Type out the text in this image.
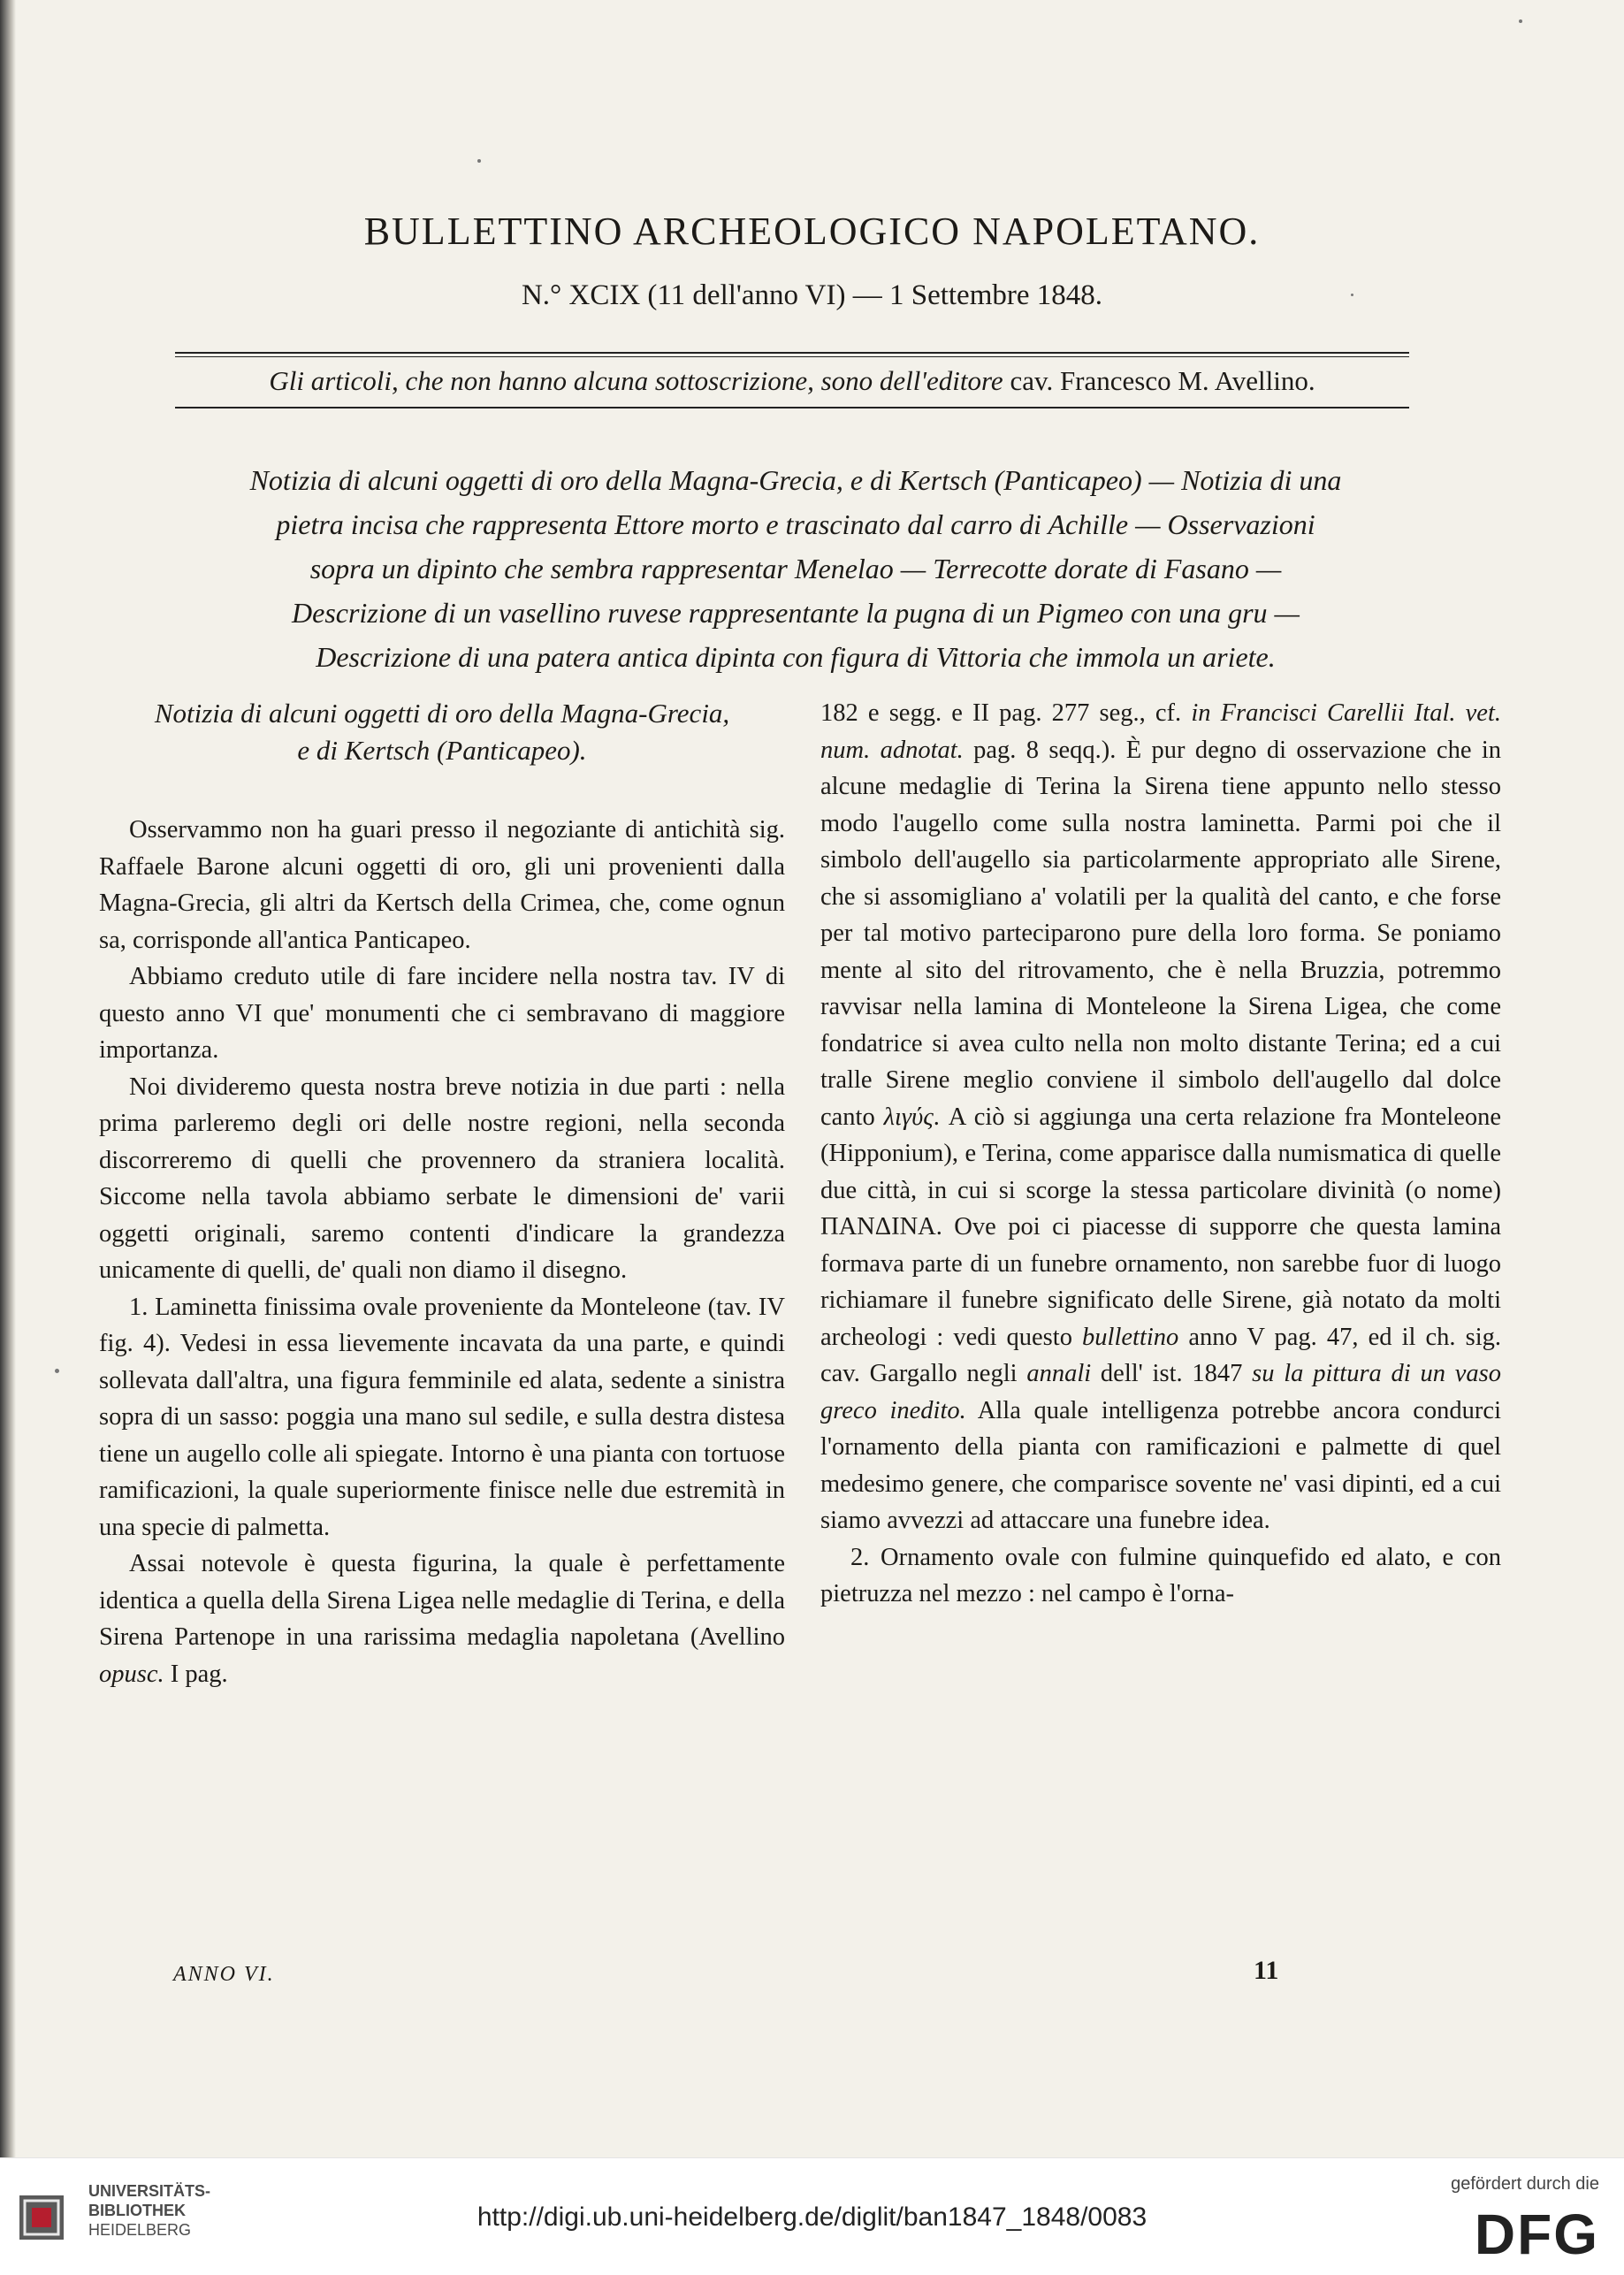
BULLETTINO ARCHEOLOGICO NAPOLETANO.
N.° XCIX (11 dell'anno VI) — 1 Settembre 1848.
Gli articoli, che non hanno alcuna sottoscrizione, sono dell'editore cav. Francesco M. Avellino.

Notizia di alcuni oggetti di oro della Magna-Grecia, e di Kertsch (Panticapeo) — Notizia di una

pietra incisa che rappresenta Ettore morto e trascinato dal carro di Achille — Osservazioni

sopra un dipinto che sembra rappresentar Menelao — Terrecotte dorate di Fasano —

Descrizione di un vasellino ruvese rappresentante la pugna di un Pigmeo con una gru —

Descrizione di una patera antica dipinta con figura di Vittoria che immola un ariete.

Notizia di alcuni oggetti di oro della Magna-Grecia,
e di Kertsch (Panticapeo).

Osservammo non ha guari presso il negoziante di antichità sig. Raffaele Barone alcuni oggetti di oro, gli uni provenienti dalla Magna-Grecia, gli altri da Kertsch della Crimea, che, come ognun sa, corrisponde all'antica Panticapeo.

Abbiamo creduto utile di fare incidere nella nostra tav. IV di questo anno VI que' monumenti che ci sembravano di maggiore importanza.

Noi divideremo questa nostra breve notizia in due parti : nella prima parleremo degli ori delle nostre regioni, nella seconda discorreremo di quelli che provennero da straniera località. Siccome nella tavola abbiamo serbate le dimensioni de' varii oggetti originali, saremo contenti d'indicare la grandezza unicamente di quelli, de' quali non diamo il disegno.

1. Laminetta finissima ovale proveniente da Monteleone (tav. IV fig. 4). Vedesi in essa lievemente incavata da una parte, e quindi sollevata dall'altra, una figura femminile ed alata, sedente a sinistra sopra di un sasso: poggia una mano sul sedile, e sulla destra distesa tiene un augello colle ali spiegate. Intorno è una pianta con tortuose ramificazioni, la quale superiormente finisce nelle due estremità in una specie di palmetta.

Assai notevole è questa figurina, la quale è perfettamente identica a quella della Sirena Ligea nelle medaglie di Terina, e della Sirena Partenope in una rarissima medaglia napoletana (Avellino opusc. I pag.

182 e segg. e II pag. 277 seg., cf. in Francisci Carellii Ital. vet. num. adnotat. pag. 8 seqq.). È pur degno di osservazione che in alcune medaglie di Terina la Sirena tiene appunto nello stesso modo l'augello come sulla nostra laminetta. Parmi poi che il simbolo dell'augello sia particolarmente appropriato alle Sirene, che si assomigliano a' volatili per la qualità del canto, e che forse per tal motivo parteciparono pure della loro forma. Se poniamo mente al sito del ritrovamento, che è nella Bruzzia, potremmo ravvisar nella lamina di Monteleone la Sirena Ligea, che come fondatrice si avea culto nella non molto distante Terina; ed a cui tralle Sirene meglio conviene il simbolo dell'augello dal dolce canto λιγύς. A ciò si aggiunga una certa relazione fra Monteleone (Hipponium), e Terina, come apparisce dalla numismatica di quelle due città, in cui si scorge la stessa particolare divinità (o nome) ΠΑΝΔΙΝΑ. Ove poi ci piacesse di supporre che questa lamina formava parte di un funebre ornamento, non sarebbe fuor di luogo richiamare il funebre significato delle Sirene, già notato da molti archeologi : vedi questo bullettino anno V pag. 47, ed il ch. sig. cav. Gargallo negli annali dell' ist. 1847 su la pittura di un vaso greco inedito. Alla quale intelligenza potrebbe ancora condurci l'ornamento della pianta con ramificazioni e palmette di quel medesimo genere, che comparisce sovente ne' vasi dipinti, ed a cui siamo avvezzi ad attaccare una funebre idea.

2. Ornamento ovale con fulmine quinquefido ed alato, e con pietruzza nel mezzo : nel campo è l'orna-

ANNO VI.	11
UNIVERSITÄTS-
BIBLIOTHEK
HEIDELBERG	http://digi.ub.uni-heidelberg.de/diglit/ban1847_1848/0083
gefördert durch die
DFG
